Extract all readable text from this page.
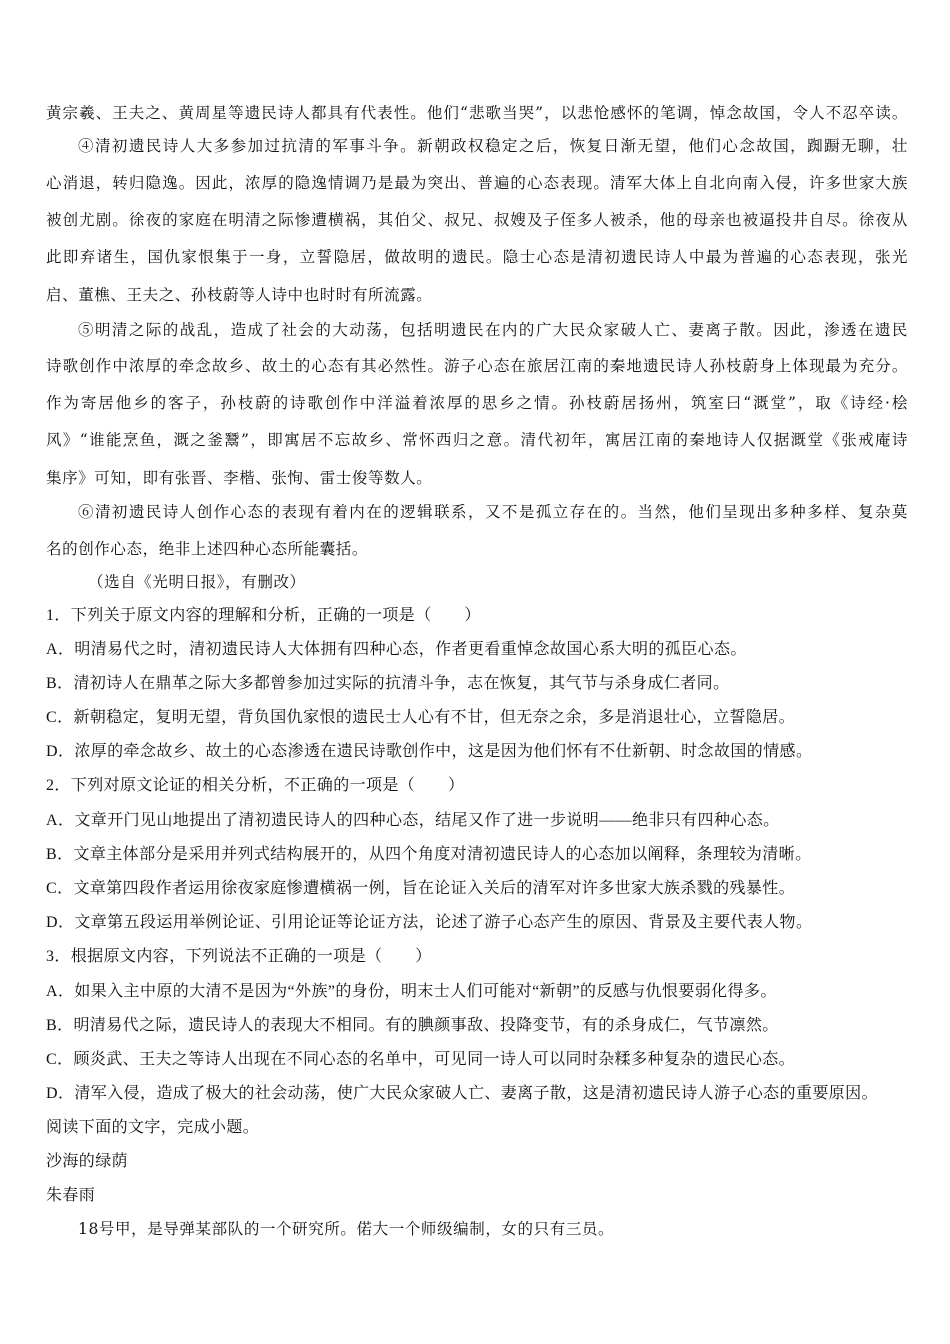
黄宗羲、王夫之、黄周星等遗民诗人都具有代表性。他们“悲歌当哭”，以悲怆感怀的笔调，悼念故国，令人不忍卒读。
④清初遗民诗人大多参加过抗清的军事斗争。新朝政权稳定之后，恢复日渐无望，他们心念故国，踟蹰无聊，壮
心消退，转归隐逸。因此，浓厚的隐逸情调乃是最为突出、普遍的心态表现。清军大体上自北向南入侵，许多世家大族
被创尤剧。徐夜的家庭在明清之际惨遭横祸，其伯父、叔兄、叔嫂及子侄多人被杀，他的母亲也被逼投井自尽。徐夜从
此即弃诸生，国仇家恨集于一身，立誓隐居，做故明的遗民。隐士心态是清初遗民诗人中最为普遍的心态表现，张光
启、董樵、王夫之、孙枝蔚等人诗中也时时有所流露。
⑤明清之际的战乱，造成了社会的大动荡，包括明遗民在内的广大民众家破人亡、妻离子散。因此，渗透在遗民
诗歌创作中浓厚的牵念故乡、故土的心态有其必然性。游子心态在旅居江南的秦地遗民诗人孙枝蔚身上体现最为充分。
作为寄居他乡的客子，孙枝蔚的诗歌创作中洋溢着浓厚的思乡之情。孙枝蔚居扬州，筑室曰“溉堂”，取《诗经·桧
风》“谁能烹鱼，溉之釜鬵”，即寓居不忘故乡、常怀西归之意。清代初年，寓居江南的秦地诗人仅据溉堂《张戒庵诗
集序》可知，即有张晋、李楷、张恂、雷士俊等数人。
⑥清初遗民诗人创作心态的表现有着内在的逻辑联系，又不是孤立存在的。当然，他们呈现出多种多样、复杂莫
名的创作心态，绝非上述四种心态所能囊括。
（选自《光明日报》，有删改）
1．下列关于原文内容的理解和分析，正确的一项是（　　）
A．明清易代之时，清初遗民诗人大体拥有四种心态，作者更看重悼念故国心系大明的孤臣心态。
B．清初诗人在鼎革之际大多都曾参加过实际的抗清斗争，志在恢复，其气节与杀身成仁者同。
C．新朝稳定，复明无望，背负国仇家恨的遗民士人心有不甘，但无奈之余，多是消退壮心，立誓隐居。
D．浓厚的牵念故乡、故土的心态渗透在遗民诗歌创作中，这是因为他们怀有不仕新朝、时念故国的情感。
2．下列对原文论证的相关分析，不正确的一项是（　　）
A．文章开门见山地提出了清初遗民诗人的四种心态，结尾又作了进一步说明——绝非只有四种心态。
B．文章主体部分是采用并列式结构展开的，从四个角度对清初遗民诗人的心态加以阐释，条理较为清晰。
C．文章第四段作者运用徐夜家庭惨遭横祸一例，旨在论证入关后的清军对许多世家大族杀戮的残暴性。
D．文章第五段运用举例论证、引用论证等论证方法，论述了游子心态产生的原因、背景及主要代表人物。
3．根据原文内容，下列说法不正确的一项是（　　）
A．如果入主中原的大清不是因为“外族”的身份，明末士人们可能对“新朝”的反感与仇恨要弱化得多。
B．明清易代之际，遗民诗人的表现大不相同。有的腆颜事敌、投降变节，有的杀身成仁，气节凛然。
C．顾炎武、王夫之等诗人出现在不同心态的名单中，可见同一诗人可以同时杂糅多种复杂的遗民心态。
D．清军入侵，造成了极大的社会动荡，使广大民众家破人亡、妻离子散，这是清初遗民诗人游子心态的重要原因。
阅读下面的文字，完成小题。
沙海的绿荫
朱春雨
18号甲，是导弹某部队的一个研究所。偌大一个师级编制，女的只有三员。
